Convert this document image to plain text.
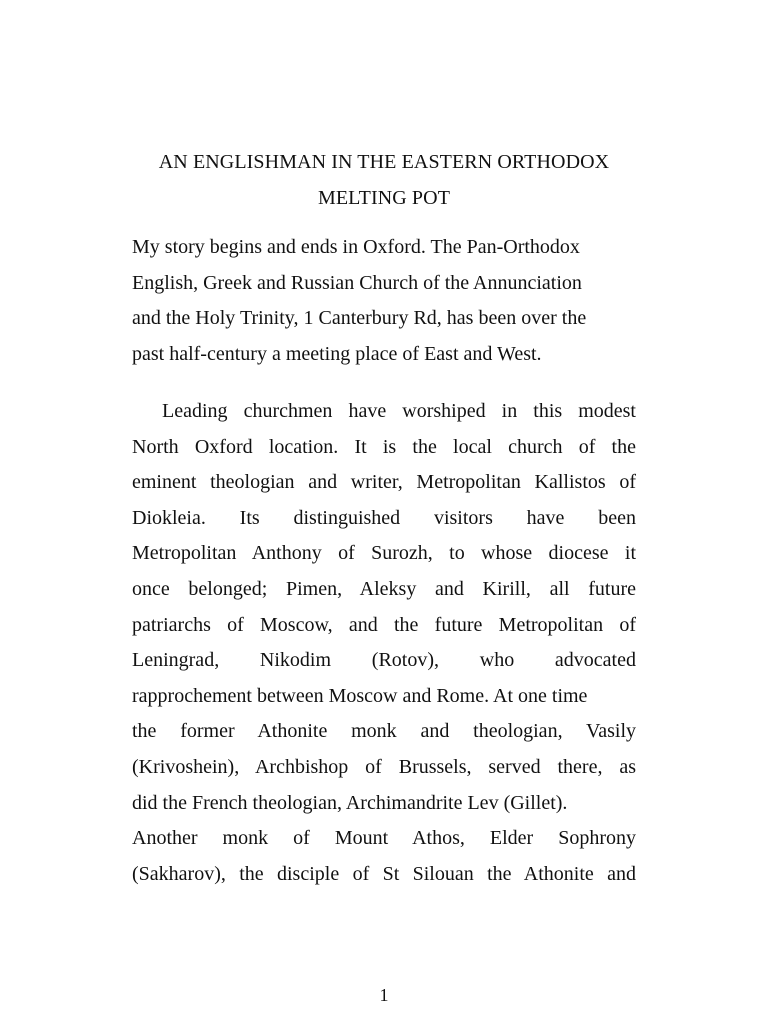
AN ENGLISHMAN IN THE EASTERN ORTHODOX
MELTING POT
My story begins and ends in Oxford. The Pan-Orthodox
English, Greek and Russian Church of the Annunciation
and the Holy Trinity, 1 Canterbury Rd, has been over the
past half-century a meeting place of East and West.
Leading churchmen have worshiped in this modest
North Oxford location. It is the local church of the
eminent theologian and writer, Metropolitan Kallistos of
Diokleia. Its distinguished visitors have been
Metropolitan Anthony of Surozh, to whose diocese it
once belonged; Pimen, Aleksy and Kirill, all future
patriarchs of Moscow, and the future Metropolitan of
Leningrad, Nikodim (Rotov), who advocated
rapprochement between Moscow and Rome. At one time
the former Athonite monk and theologian, Vasily
(Krivoshein), Archbishop of Brussels, served there, as
did the French theologian, Archimandrite Lev (Gillet).
Another monk of Mount Athos, Elder Sophrony
(Sakharov), the disciple of St Silouan the Athonite and
1
